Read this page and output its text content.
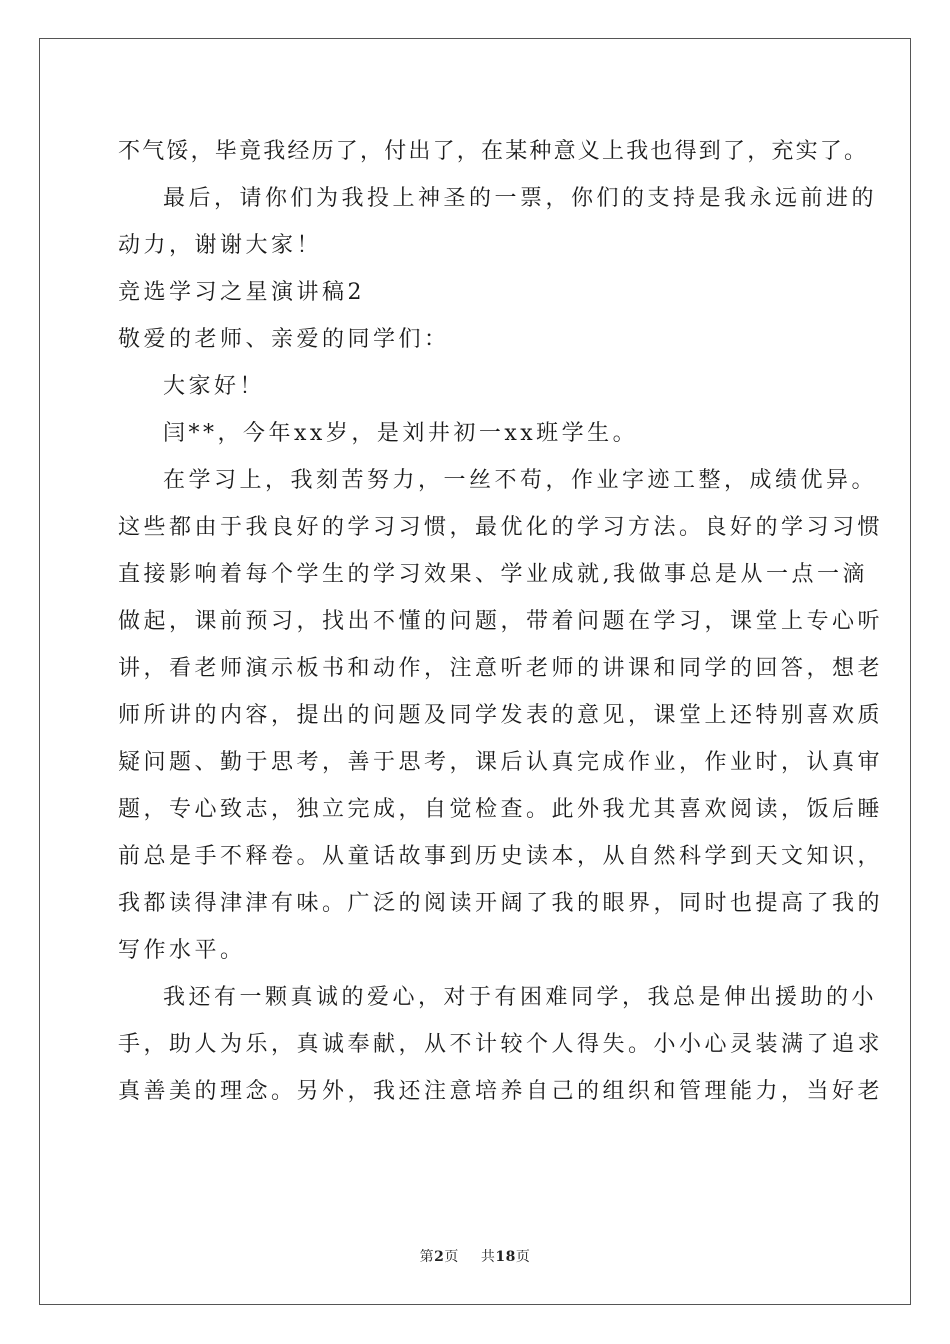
不气馁，毕竟我经历了，付出了，在某种意义上我也得到了，充实了。
最后，请你们为我投上神圣的一票，你们的支持是我永远前进的
动力，谢谢大家！
竞选学习之星演讲稿2
敬爱的老师、亲爱的同学们：
大家好！
闫**，今年xx岁，是刘井初一xx班学生。
在学习上，我刻苦努力，一丝不苟，作业字迹工整，成绩优异。
这些都由于我良好的学习习惯，最优化的学习方法。良好的学习习惯
直接影响着每个学生的学习效果、学业成就,我做事总是从一点一滴
做起，课前预习，找出不懂的问题，带着问题在学习，课堂上专心听
讲，看老师演示板书和动作，注意听老师的讲课和同学的回答，想老
师所讲的内容，提出的问题及同学发表的意见，课堂上还特别喜欢质
疑问题、勤于思考，善于思考，课后认真完成作业，作业时，认真审
题，专心致志，独立完成，自觉检查。此外我尤其喜欢阅读，饭后睡
前总是手不释卷。从童话故事到历史读本，从自然科学到天文知识，
我都读得津津有味。广泛的阅读开阔了我的眼界，同时也提高了我的
写作水平。
我还有一颗真诚的爱心，对于有困难同学，我总是伸出援助的小
手，助人为乐，真诚奉献，从不计较个人得失。小小心灵装满了追求
真善美的理念。另外，我还注意培养自己的组织和管理能力，当好老
第2页 共18页
